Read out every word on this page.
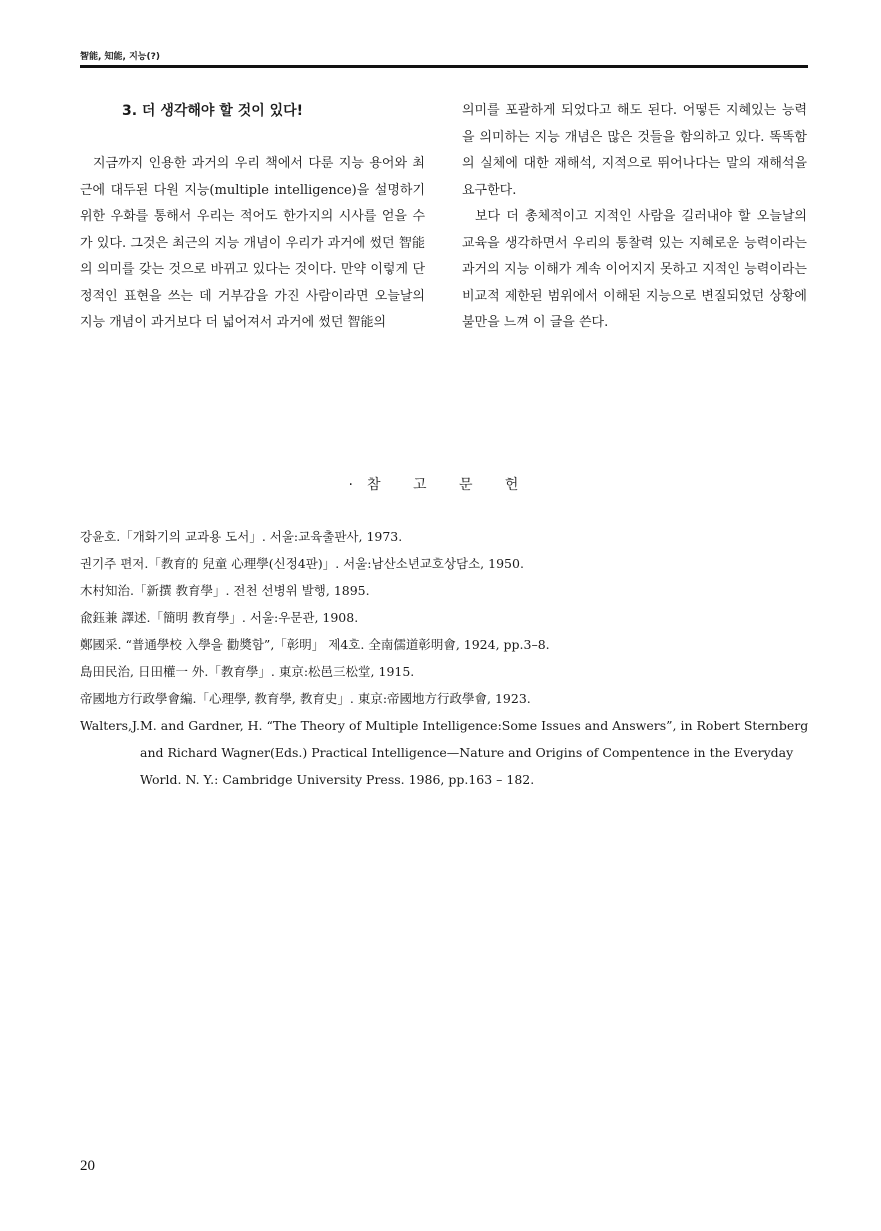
智能, 知能, 지능(?)
3. 더 생각해야 할 것이 있다!

지금까지 인용한 과거의 우리 책에서 다룬 지능 용어와 최근에 대두된 다원 지능(multiple intelligence)을 설명하기 위한 우화를 통해서 우리는 적어도 한가지의 시사를 얻을 수가 있다. 그것은 최근의 지능 개념이 우리가 과거에 썼던 智能의 의미를 갖는 것으로 바뀌고 있다는 것이다. 만약 이렇게 단정적인 표현을 쓰는 데 거부감을 가진 사람이라면 오늘날의 지능 개념이 과거보다 더 넓어져서 과거에 썼던 智能의

의미를 포괄하게 되었다고 해도 된다. 어떻든 지혜있는 능력을 의미하는 지능 개념은 많은 것들을 함의하고 있다. 똑똑함의 실체에 대한 재해석, 지적으로 뛰어나다는 말의 재해석을 요구한다.

보다 더 총체적이고 지적인 사람을 길러내야 할 오늘날의 교육을 생각하면서 우리의 통찰력 있는 지혜로운 능력이라는 과거의 지능 이해가 계속 이어지지 못하고 지적인 능력이라는 비교적 제한된 범위에서 이해된 지능으로 변질되었던 상황에 불만을 느껴 이 글을 쓴다.

·참 고 문 헌
강윤호.「개화기의 교과용 도서」. 서울:교육출판사, 1973.
권기주 편저.「教育的 兒童 心理學(신정4판)」. 서울:남산소년교호상담소, 1950.
木村知治.「新撰 教育學」. 전천 선병위 발행, 1895.
兪鈺兼 譯述.「簡明 教育學」. 서울:우문관, 1908.
鄭國采. “普通學校 入學을 勸奬함”,「彰明」 제4호. 全南儒道彰明會, 1924, pp.3–8.
島田民治, 日田權一 外.「教育學」. 東京:松邑三松堂, 1915.
帝國地方行政學會編.「心理學, 教育學, 教育史」. 東京:帝國地方行政學會, 1923.
Walters,J.M. and Gardner, H. “The Theory of Multiple Intelligence:Some Issues and Answers”, in Robert Sternberg and Richard Wagner(Eds.) Practical Intelligence—Nature and Origins of Compentence in the Everyday World. N. Y.: Cambridge University Press. 1986, pp.163 – 182.
20
